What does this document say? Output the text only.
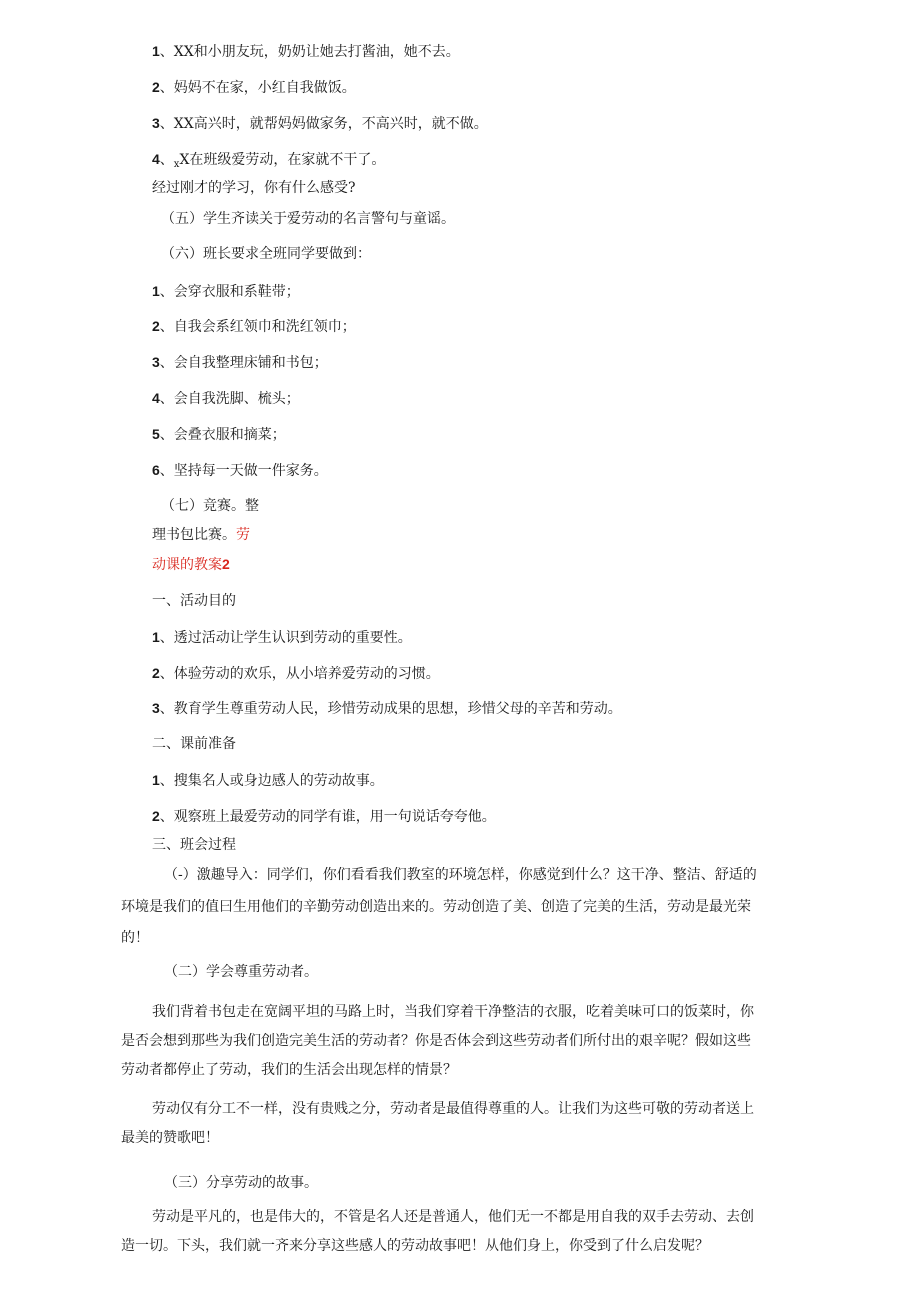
1、XX和小朋友玩，奶奶让她去打酱油，她不去。
2、妈妈不在家，小红自我做饭。
3、XX高兴时，就帮妈妈做家务，不高兴时，就不做。
4、$_x$X在班级爱劳动，在家就不干了。
经过刚才的学习，你有什么感受?
（五）学生齐读关于爱劳动的名言警句与童谣。
（六）班长要求全班同学要做到：
1、会穿衣服和系鞋带；
2、自我会系红领巾和洗红领巾；
3、会自我整理床铺和书包；
4、会自我洗脚、梳头；
5、会叠衣服和摘菜；
6、坚持每一天做一件家务。
（七）竞赛。整
理书包比赛。劳
动课的教案2
一、活动目的
1、透过活动让学生认识到劳动的重要性。
2、体验劳动的欢乐，从小培养爱劳动的习惯。
3、教育学生尊重劳动人民，珍惜劳动成果的思想，珍惜父母的辛苦和劳动。
二、课前准备
1、搜集名人或身边感人的劳动故事。
2、观察班上最爱劳动的同学有谁，用一句说话夸夸他。
三、班会过程
（-）激趣导入：同学们，你们看看我们教室的环境怎样，你感觉到什么？这干净、整洁、舒适的
环境是我们的值曰生用他们的辛勤劳动创造出来的。劳动创造了美、创造了完美的生活，劳动是最光荣
的！
（二）学会尊重劳动者。
我们背着书包走在宽阔平坦的马路上时，当我们穿着干净整洁的衣服，吃着美味可口的饭菜时，你
是否会想到那些为我们创造完美生活的劳动者？你是否体会到这些劳动者们所付出的艰辛呢？假如这些
劳动者都停止了劳动，我们的生活会出现怎样的情景？
劳动仅有分工不一样，没有贵贱之分，劳动者是最值得尊重的人。让我们为这些可敬的劳动者送上
最美的赞歌吧！
（三）分享劳动的故事。
劳动是平凡的，也是伟大的，不管是名人还是普通人，他们无一不都是用自我的双手去劳动、去创
造一切。下头，我们就一齐来分享这些感人的劳动故事吧！从他们身上，你受到了什么启发呢？
